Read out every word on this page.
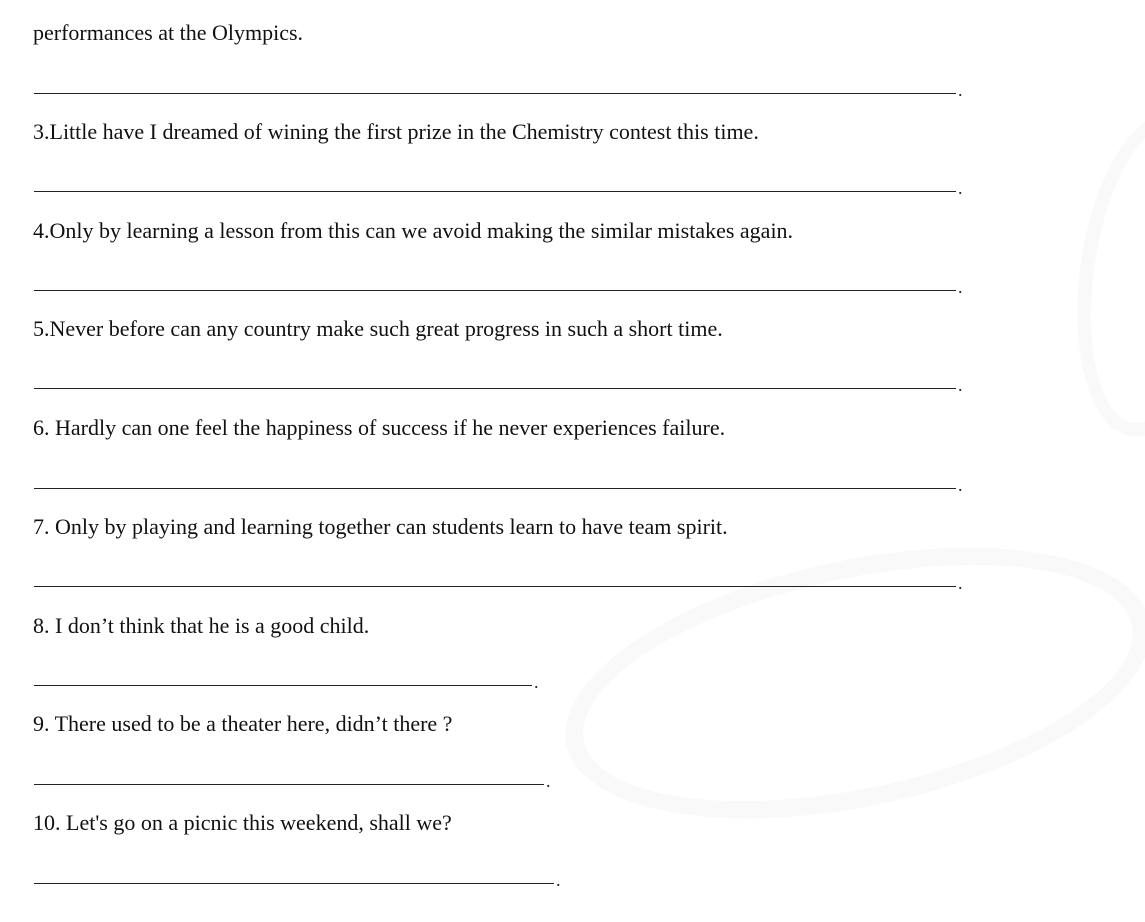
performances at the Olympics.
.
3.Little have I dreamed of wining the first prize in the Chemistry contest this time.
.
4.Only by learning a lesson from this can we avoid making the similar mistakes again.
.
5.Never before can any country make such great progress in such a short time.
.
6. Hardly can one feel the happiness of success if he never experiences failure.
.
7. Only by playing and learning together can students learn to have team spirit.
.
8. I don’t think that he is a good child.
.
9. There used to be a theater here, didn’t there ?
.
10. Let's go on a picnic this weekend, shall we?
.
